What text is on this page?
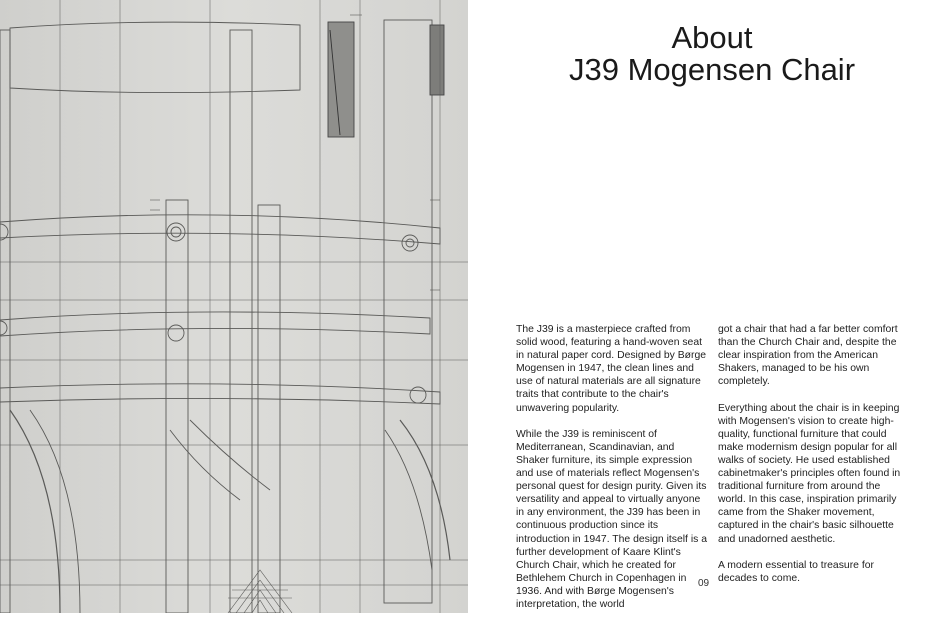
About
J39 Mogensen Chair

The J39 is a masterpiece crafted from solid wood, featuring a hand-woven seat in natural paper cord. Designed by Børge Mogensen in 1947, the clean lines and use of natural materials are all signature traits that contribute to the chair's unwavering popularity.

While the J39 is reminiscent of Mediterranean, Scandinavian, and Shaker furniture, its simple expression and use of materials reflect Mogensen's personal quest for design purity. Given its versatility and appeal to virtually anyone in any environment, the J39 has been in continuous production since its introduction in 1947. The design itself is a further development of Kaare Klint's Church Chair, which he created for Bethlehem Church in Copenhagen in 1936. And with Børge Mogensen's interpretation, the world

got a chair that had a far better comfort than the Church Chair and, despite the clear inspiration from the American Shakers, managed to be his own completely.

Everything about the chair is in keeping with Mogensen's vision to create high-quality, functional furniture that could make modernism design popular for all walks of society. He used established cabinetmaker's principles often found in traditional furniture from around the world. In this case, inspiration primarily came from the Shaker movement, captured in the chair's basic silhouette and unadorned aesthetic.

A modern essential to treasure for decades to come.

09
